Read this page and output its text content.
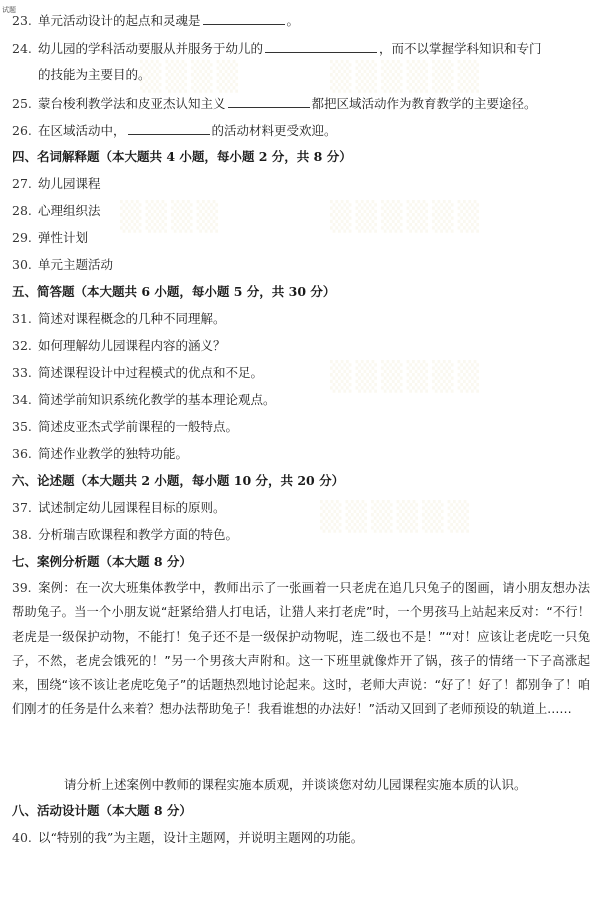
试题
▒▒▒▒	▒▒▒▒▒▒
▒▒▒▒	▒▒▒▒▒▒
▒▒▒▒▒▒
▒▒▒▒▒▒
23. 单元活动设计的起点和灵魂是	。
24. 幼儿园的学科活动要服从并服务于幼儿的	，而不以掌握学科知识和专门
的技能为主要目的。
25. 蒙台梭利教学法和皮亚杰认知主义	都把区域活动作为教育教学的主要途径。
26. 在区域活动中，	的活动材料更受欢迎。
四、名词解释题（本大题共 4 小题，每小题 2 分，共 8 分）
27. 幼儿园课程
28. 心理组织法
29. 弹性计划
30. 单元主题活动
五、简答题（本大题共 6 小题，每小题 5 分，共 30 分）
31. 简述对课程概念的几种不同理解。
32. 如何理解幼儿园课程内容的涵义？
33. 简述课程设计中过程模式的优点和不足。
34. 简述学前知识系统化教学的基本理论观点。
35. 简述皮亚杰式学前课程的一般特点。
36. 简述作业教学的独特功能。
六、论述题（本大题共 2 小题，每小题 10 分，共 20 分）
37. 试述制定幼儿园课程目标的原则。
38. 分析瑞吉欧课程和教学方面的特色。
七、案例分析题（本大题 8 分）
39. 案例：在一次大班集体教学中，教师出示了一张画着一只老虎在追几只兔子的图画，请小朋友想办法帮助兔子。当一个小朋友说“赶紧给猎人打电话，让猎人来打老虎”时，一个男孩马上站起来反对：“不行！老虎是一级保护动物，不能打！兔子还不是一级保护动物呢，连二级也不是！”“对！应该让老虎吃一只兔子，不然，老虎会饿死的！”另一个男孩大声附和。这一下班里就像炸开了锅，孩子的情绪一下子高涨起来，围绕“该不该让老虎吃兔子”的话题热烈地讨论起来。这时，老师大声说：“好了！好了！都别争了！咱们刚才的任务是什么来着？想办法帮助兔子！我看谁想的办法好！”活动又回到了老师预设的轨道上……
请分析上述案例中教师的课程实施本质观，并谈谈您对幼儿园课程实施本质的认识。
八、活动设计题（本大题 8 分）
40. 以“特别的我”为主题，设计主题网，并说明主题网的功能。
